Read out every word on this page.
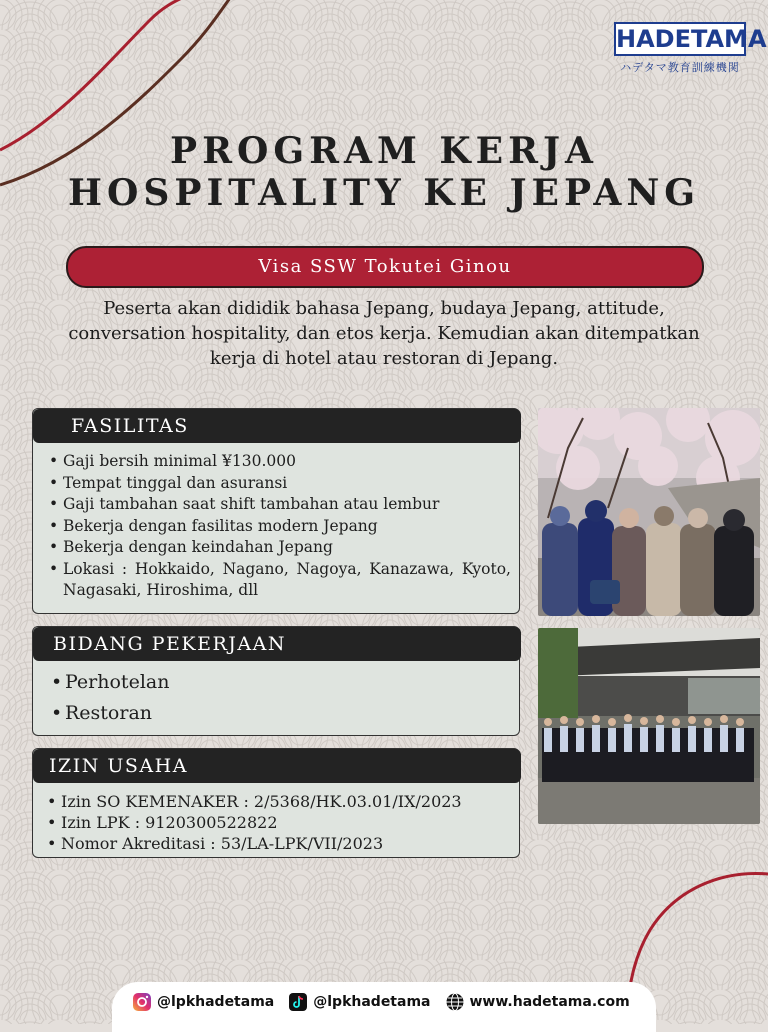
HADETAMA
ハデタマ教育訓練機関
PROGRAM KERJA
HOSPITALITY KE JEPANG
Visa SSW Tokutei Ginou

Peserta akan dididik bahasa Jepang, budaya Jepang, attitude, conversation hospitality, dan etos kerja. Kemudian akan ditempatkan kerja di hotel atau restoran di Jepang.

FASILITAS
• Gaji bersih minimal ¥130.000
• Tempat tinggal dan asuransi
• Gaji tambahan saat shift tambahan atau lembur
• Bekerja dengan fasilitas modern Jepang
• Bekerja dengan keindahan Jepang
• Lokasi : Hokkaido, Nagano, Nagoya, Kanazawa, Kyoto, Nagasaki, Hiroshima, dll
BIDANG PEKERJAAN
• Perhotelan
• Restoran
IZIN USAHA
• Izin SO KEMENAKER : 2/5368/HK.03.01/IX/2023
• Izin LPK : 9120300522822
• Nomor Akreditasi : 53/LA-LPK/VII/2023
@lpkhadetama	@lpkhadetama	www.hadetama.com
